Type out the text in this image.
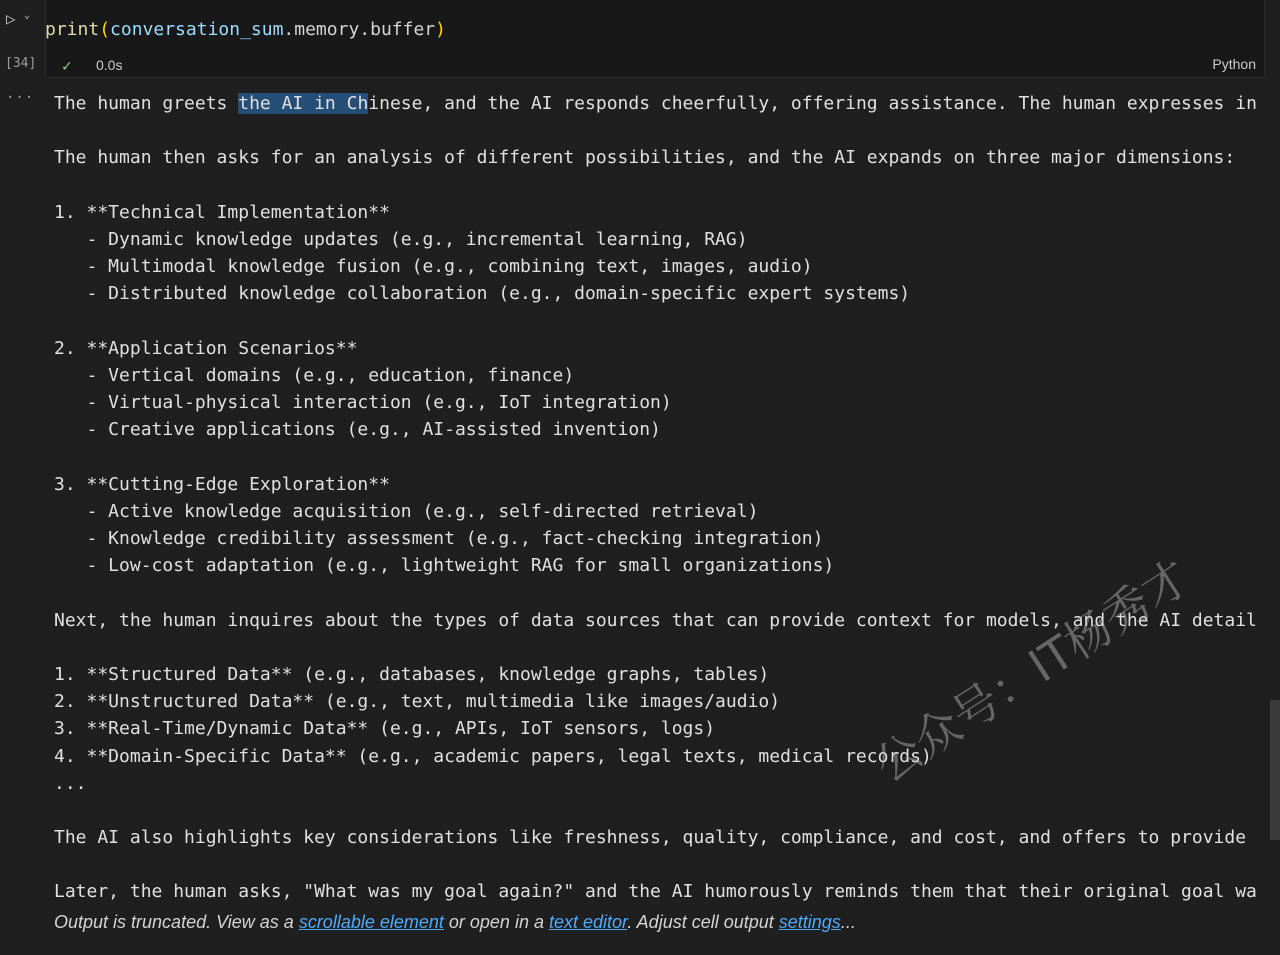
▷ ⌄
[34]
···
print(conversation_sum.memory.buffer)
✓	0.0s	Python
The human greets the AI in Chinese, and the AI responds cheerfully, offering assistance. The human expresses in
The human then asks for an analysis of different possibilities, and the AI expands on three major dimensions:
1. **Technical Implementation**
- Dynamic knowledge updates (e.g., incremental learning, RAG)
- Multimodal knowledge fusion (e.g., combining text, images, audio)
- Distributed knowledge collaboration (e.g., domain-specific expert systems)
2. **Application Scenarios**
- Vertical domains (e.g., education, finance)
- Virtual-physical interaction (e.g., IoT integration)
- Creative applications (e.g., AI-assisted invention)
3. **Cutting-Edge Exploration**
- Active knowledge acquisition (e.g., self-directed retrieval)
- Knowledge credibility assessment (e.g., fact-checking integration)
- Low-cost adaptation (e.g., lightweight RAG for small organizations)
Next, the human inquires about the types of data sources that can provide context for models, and the AI detail
1. **Structured Data** (e.g., databases, knowledge graphs, tables)
2. **Unstructured Data** (e.g., text, multimedia like images/audio)
3. **Real-Time/Dynamic Data** (e.g., APIs, IoT sensors, logs)
4. **Domain-Specific Data** (e.g., academic papers, legal texts, medical records)
...
The AI also highlights key considerations like freshness, quality, compliance, and cost, and offers to provide
Later, the human asks, "What was my goal again?" and the AI humorously reminds them that their original goal wa
Output is truncated. View as a scrollable element or open in a text editor. Adjust cell output settings...
公众号：IT杨秀才
